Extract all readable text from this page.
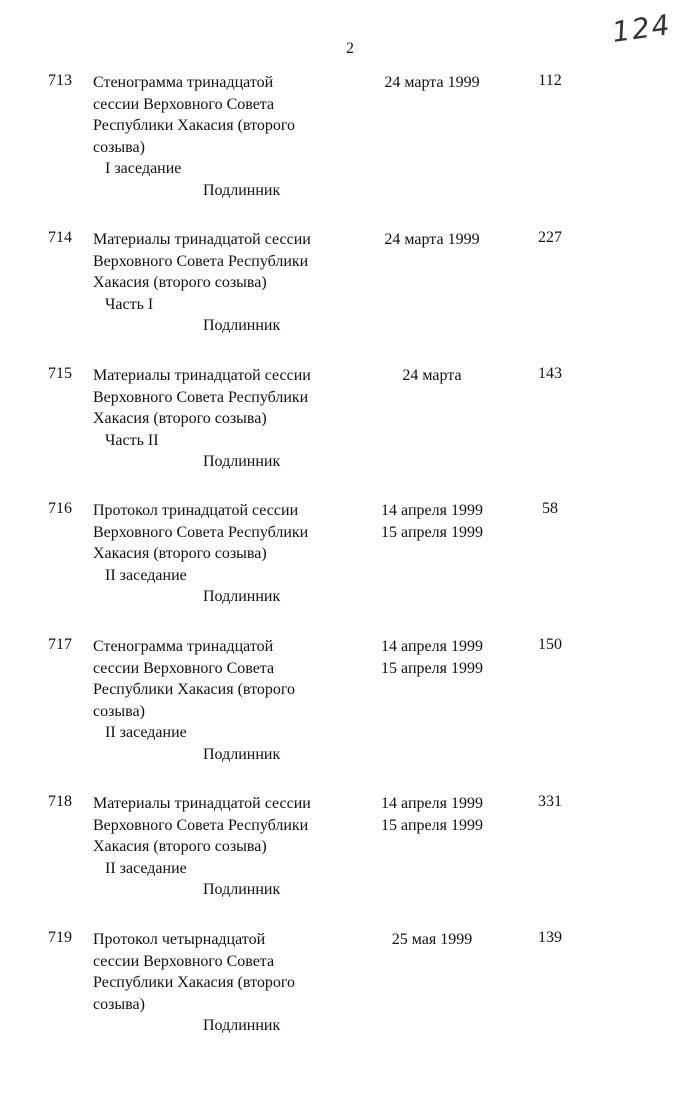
2	124
713 Стенограмма тринадцатой
сессии Верховного Совета
Республики Хакасия (второго
созыва)
I заседание
Подлинник
24 марта 1999	112
714 Материалы тринадцатой сессии
Верховного Совета Республики
Хакасия (второго созыва)
Часть I
Подлинник
24 марта 1999	227
715 Материалы тринадцатой сессии
Верховного Совета Республики
Хакасия (второго созыва)
Часть II
Подлинник
24 марта	143
716 Протокол тринадцатой сессии
Верховного Совета Республики
Хакасия (второго созыва)
II заседание
Подлинник
14 апреля 1999
15 апреля 1999
58
717 Стенограмма тринадцатой
сессии Верховного Совета
Республики Хакасия (второго
созыва)
II заседание
Подлинник
14 апреля 1999
15 апреля 1999
150
718 Материалы тринадцатой сессии
Верховного Совета Республики
Хакасия (второго созыва)
II заседание
Подлинник
14 апреля 1999
15 апреля 1999
331
719 Протокол четырнадцатой
сессии Верховного Совета
Республики Хакасия (второго
созыва)
Подлинник
25 мая 1999	139
